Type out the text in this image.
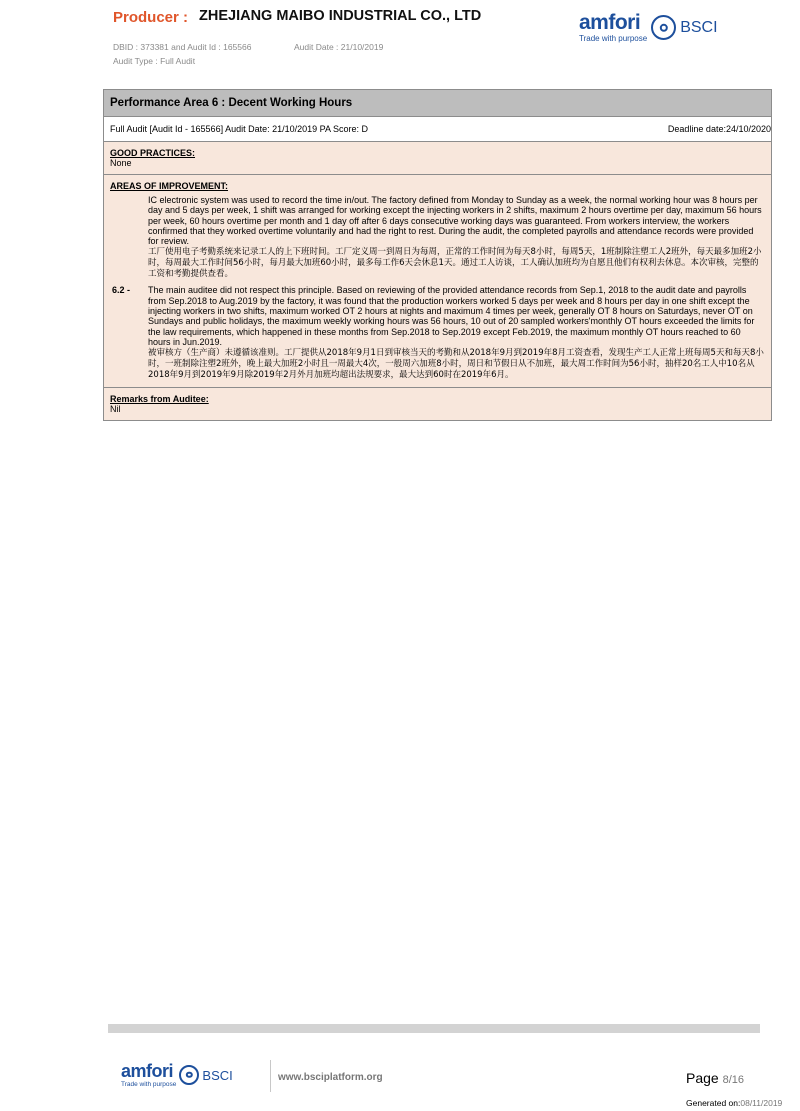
Producer : ZHEJIANG MAIBO INDUSTRIAL CO., LTD
DBID : 373381 and Audit Id : 165566	Audit Date : 21/10/2019
Audit Type : Full Audit
amfori
Trade with purpose
BSCI
Performance Area 6 : Decent Working Hours
Full Audit [Audit Id - 165566] Audit Date: 21/10/2019 PA Score: D	Deadline date:24/10/2020
GOOD PRACTICES:
None
AREAS OF IMPROVEMENT:
IC electronic system was used to record the time in/out. The factory defined from Monday to Sunday as a week, the normal working hour was 8 hours per day and 5 days per week, 1 shift was arranged for working except the injecting workers in 2 shifts, maximum 2 hours overtime per day, maximum 56 hours per week, 60 hours overtime per month and 1 day off after 6 days consecutive working days was guaranteed. From workers interview, the workers confirmed that they worked overtime voluntarily and had the right to rest. During the audit, the completed payrolls and attendance records were provided for review.
工厂使用电子考勤系统来记录工人的上下班时间。工厂定义周一到周日为每周，正常的工作时间为每天8小时，每周5天，1班制除注塑工人2班外，每天最多加班2小时，每周最大工作时间56小时，每月最大加班60小时，最多每工作6天会休息1天。通过工人访谈，工人确认加班均为自愿且他们有权利去休息。本次审核，完整的工资和考勤提供查看。
6.2 -	The main auditee did not respect this principle. Based on reviewing of the provided attendance records from Sep.1, 2018 to the audit date and payrolls from Sep.2018 to Aug.2019 by the factory, it was found that the production workers worked 5 days per week and 8 hours per day in one shift except the injecting workers in two shifts, maximum worked OT 2 hours at nights and maximum 4 times per week, generally OT 8 hours on Saturdays, never OT on Sundays and public holidays, the maximum weekly working hours was 56 hours, 10 out of 20 sampled workers'monthly OT hours exceeded the limits for the law requirements, which happened in these months from Sep.2018 to Sep.2019 except Feb.2019, the maximum monthly OT hours reached to 60 hours in Jun.2019.
被审核方（生产商）未遵循该准则。工厂提供从2018年9月1日到审核当天的考勤和从2018年9月到2019年8月工资查看，发现生产工人正常上班每周5天和每天8小时，一班制除注塑2班外，晚上最大加班2小时且一周最大4次，一般周六加班8小时，周日和节假日从不加班，最大周工作时间为56小时，抽样20名工人中10名从2018年9月到2019年9月除2019年2月外月加班均超出法规要求，最大达到60时在2019年6月。
Remarks from Auditee:
Nil
amfori
Trade with purpose
BSCI	www.bsciplatform.org	Page 8/16
Generated on:08/11/2019
